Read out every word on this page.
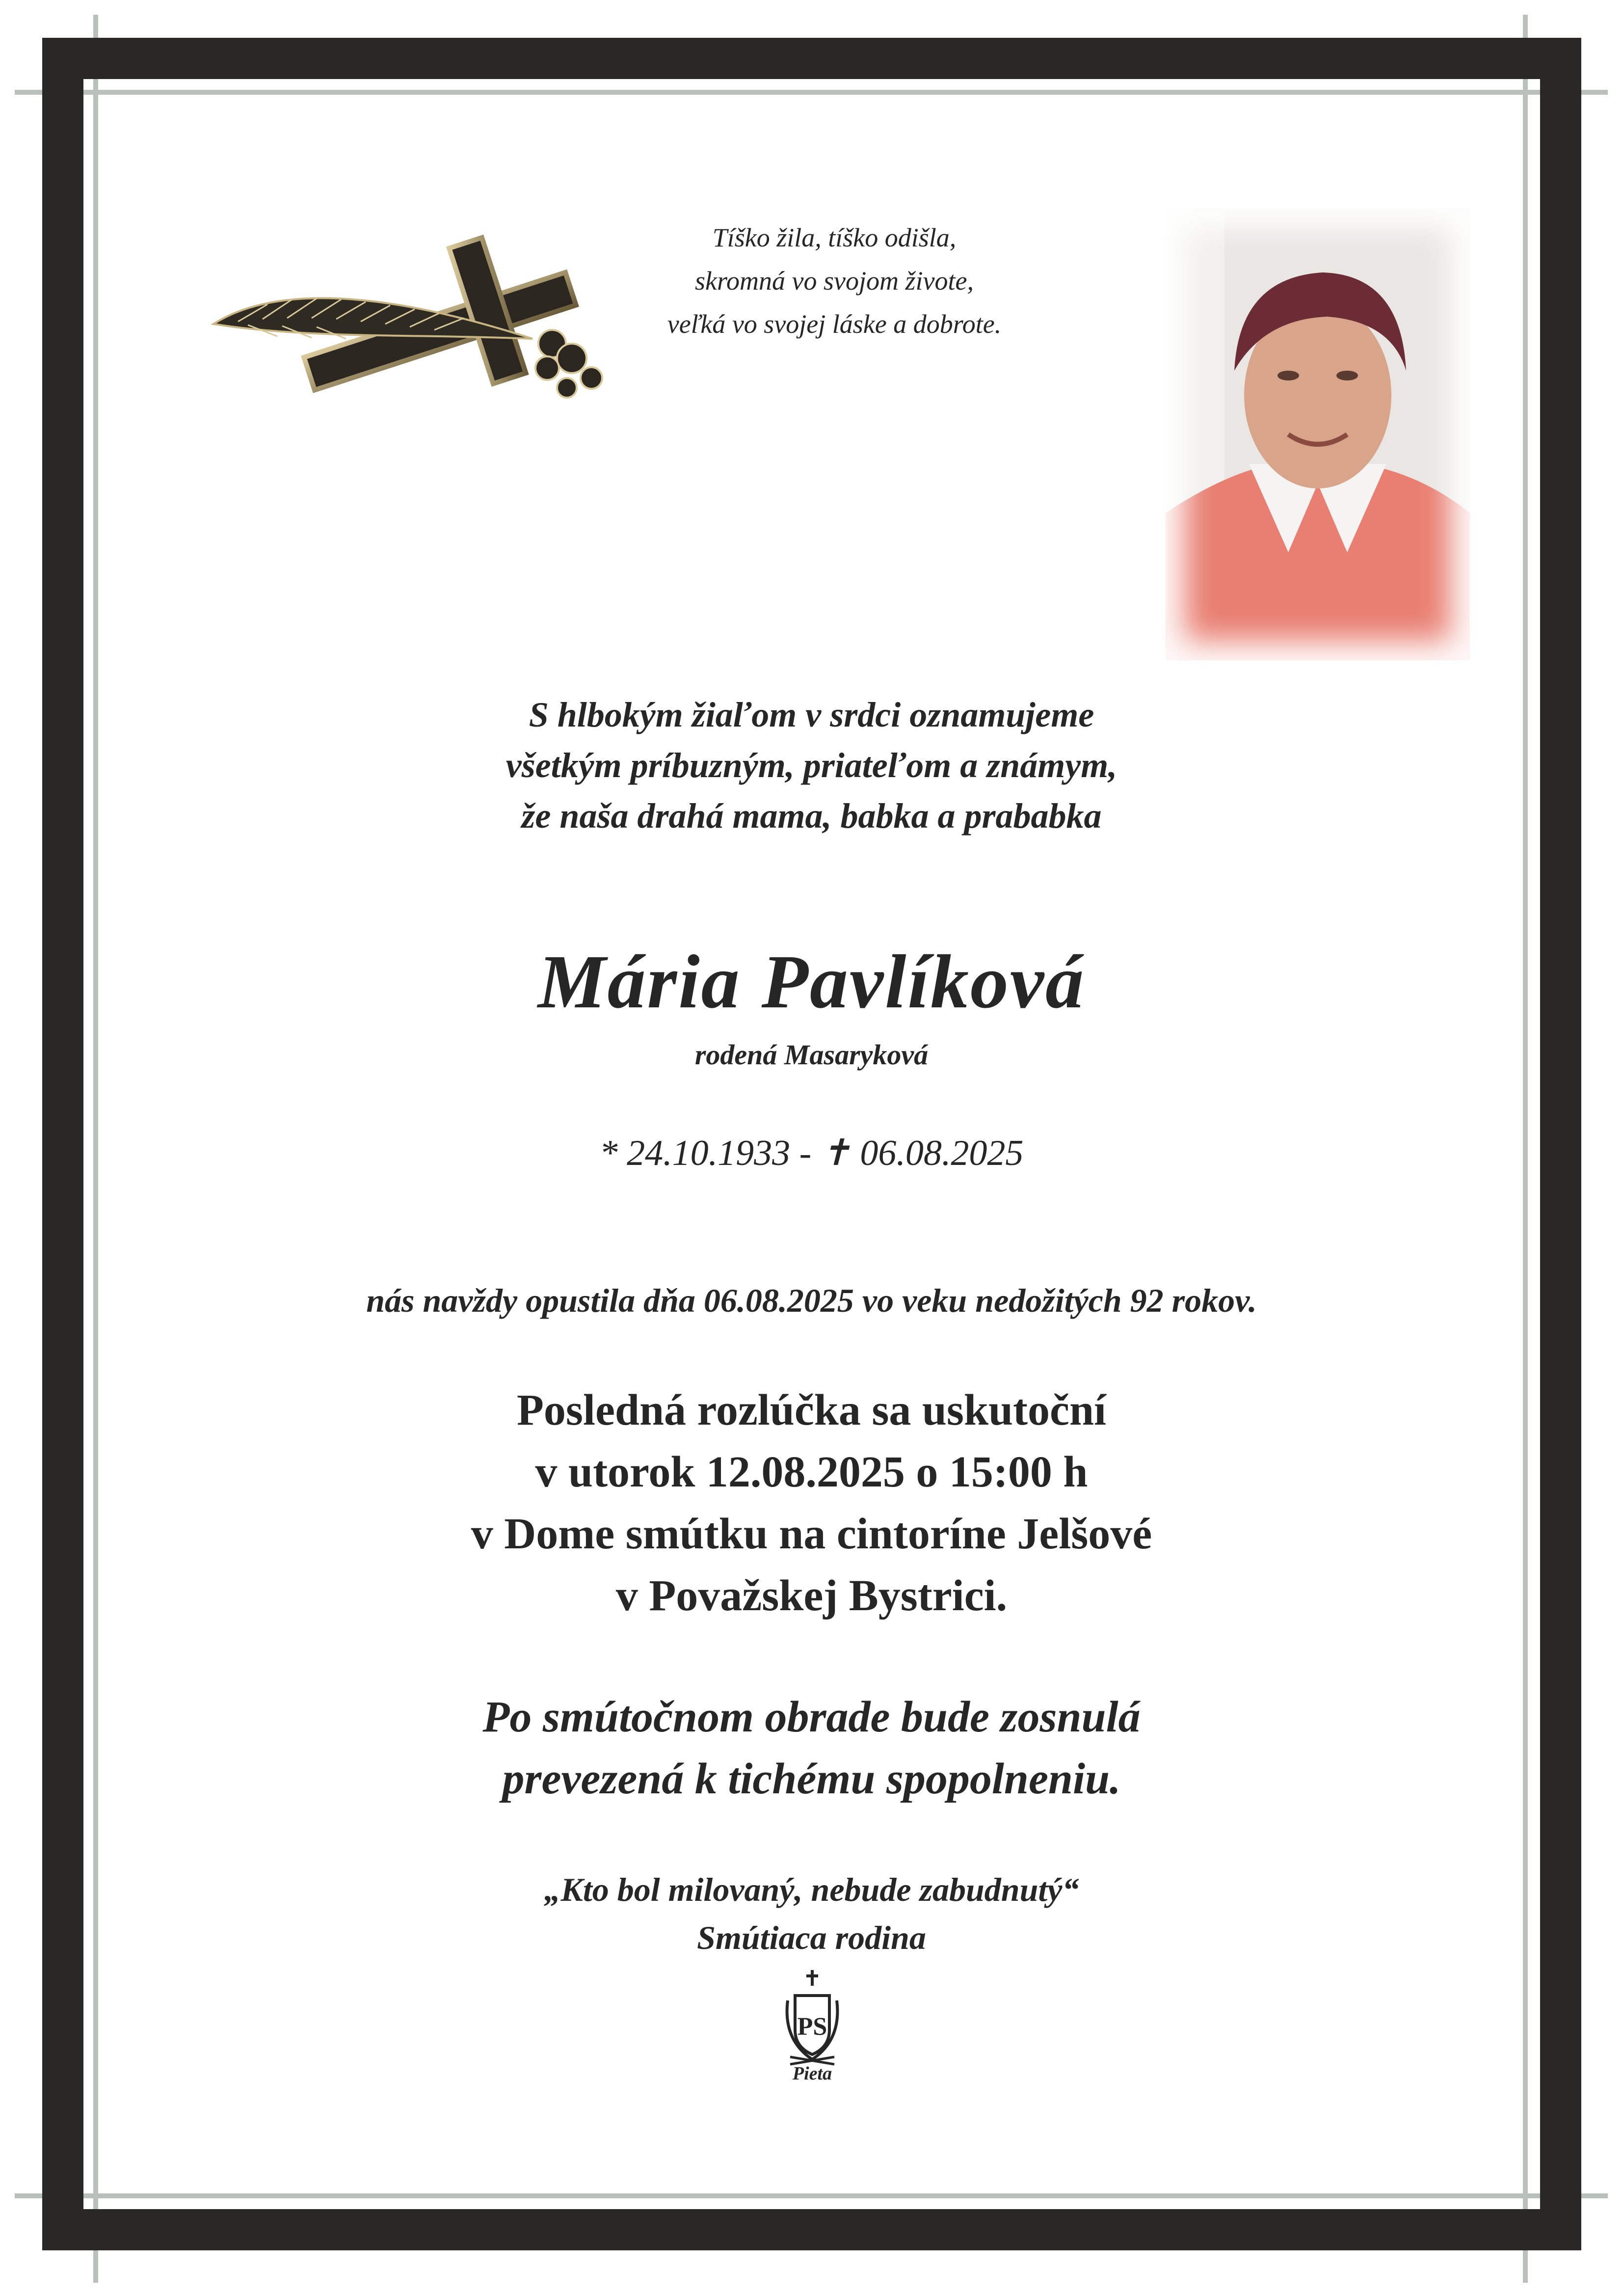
Tíško žila, tíško odišla,
skromná vo svojom živote,
veľká vo svojej láske a dobrote.
S hlbokým žiaľom v srdci oznamujeme
všetkým príbuzným, priateľom a známym,
že naša drahá mama, babka a prababka
Mária Pavlíková
rodená Masaryková
* 24.10.1933 - ✝ 06.08.2025
nás navždy opustila dňa 06.08.2025 vo veku nedožitých 92 rokov.
Posledná rozlúčka sa uskutoční
v utorok 12.08.2025 o 15:00 h
v Dome smútku na cintoríne Jelšové
v Považskej Bystrici.
Po smútočnom obrade bude zosnulá
prevezená k tichému spopolneniu.
„Kto bol milovaný, nebude zabudnutý“
Smútiaca rodina
PS
Pieta
